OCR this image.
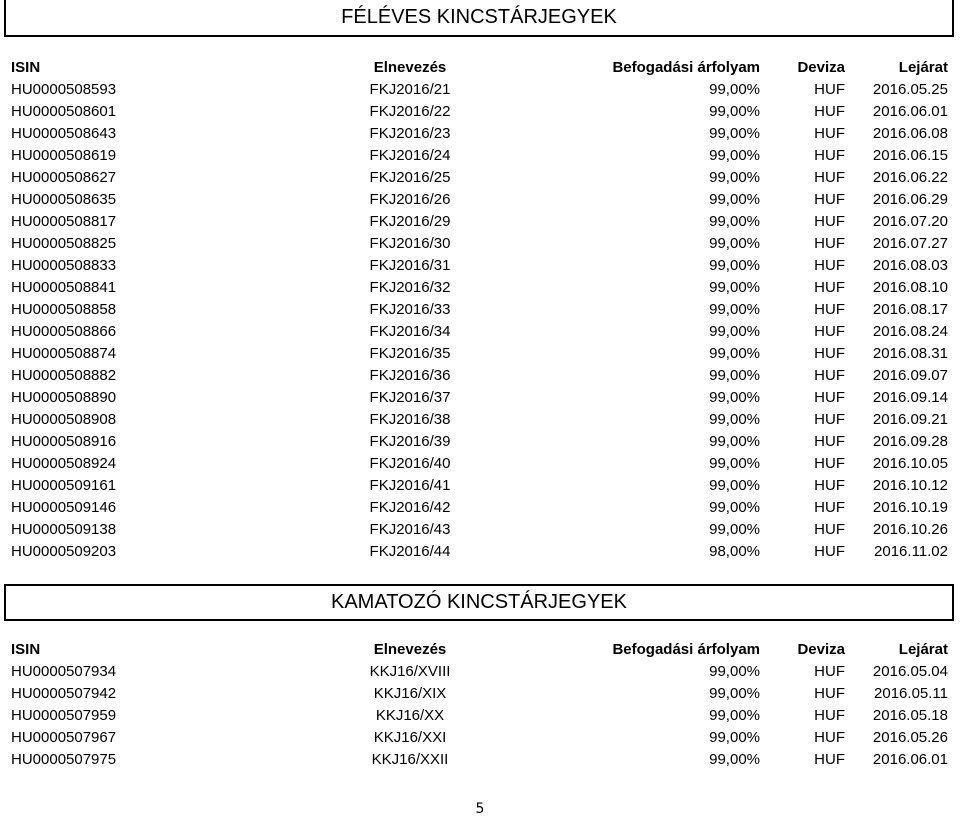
FÉLÉVES KINCSTÁRJEGYEK
ISIN	Elnevezés	Befogadási árfolyam	Deviza	Lejárat
HU0000508593	FKJ2016/21	99,00%	HUF	2016.05.25
HU0000508601	FKJ2016/22	99,00%	HUF	2016.06.01
HU0000508643	FKJ2016/23	99,00%	HUF	2016.06.08
HU0000508619	FKJ2016/24	99,00%	HUF	2016.06.15
HU0000508627	FKJ2016/25	99,00%	HUF	2016.06.22
HU0000508635	FKJ2016/26	99,00%	HUF	2016.06.29
HU0000508817	FKJ2016/29	99,00%	HUF	2016.07.20
HU0000508825	FKJ2016/30	99,00%	HUF	2016.07.27
HU0000508833	FKJ2016/31	99,00%	HUF	2016.08.03
HU0000508841	FKJ2016/32	99,00%	HUF	2016.08.10
HU0000508858	FKJ2016/33	99,00%	HUF	2016.08.17
HU0000508866	FKJ2016/34	99,00%	HUF	2016.08.24
HU0000508874	FKJ2016/35	99,00%	HUF	2016.08.31
HU0000508882	FKJ2016/36	99,00%	HUF	2016.09.07
HU0000508890	FKJ2016/37	99,00%	HUF	2016.09.14
HU0000508908	FKJ2016/38	99,00%	HUF	2016.09.21
HU0000508916	FKJ2016/39	99,00%	HUF	2016.09.28
HU0000508924	FKJ2016/40	99,00%	HUF	2016.10.05
HU0000509161	FKJ2016/41	99,00%	HUF	2016.10.12
HU0000509146	FKJ2016/42	99,00%	HUF	2016.10.19
HU0000509138	FKJ2016/43	99,00%	HUF	2016.10.26
HU0000509203	FKJ2016/44	98,00%	HUF	2016.11.02
KAMATOZÓ KINCSTÁRJEGYEK
ISIN	Elnevezés	Befogadási árfolyam	Deviza	Lejárat
HU0000507934	KKJ16/XVIII	99,00%	HUF	2016.05.04
HU0000507942	KKJ16/XIX	99,00%	HUF	2016.05.11
HU0000507959	KKJ16/XX	99,00%	HUF	2016.05.18
HU0000507967	KKJ16/XXI	99,00%	HUF	2016.05.26
HU0000507975	KKJ16/XXII	99,00%	HUF	2016.06.01
5
